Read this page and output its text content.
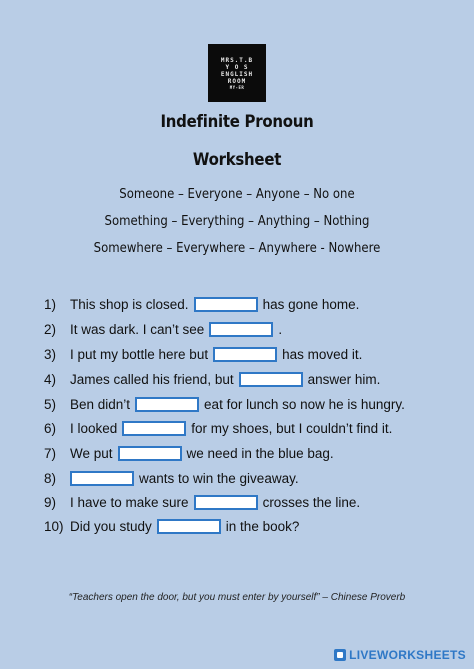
MRS.T.B
Y O S
ENGLISH
ROOM
MY-ER
Indefinite Pronoun
Worksheet
Someone – Everyone – Anyone – No one
Something – Everything – Anything – Nothing
Somewhere – Everywhere – Anywhere - Nowhere
1)	This shop is closed.	has gone home.
2)	It was dark. I can’t see	.
3)	I put my bottle here but	has moved it.
4)	James called his friend, but	answer him.
5)	Ben didn’t	eat for lunch so now he is hungry.
6)	I looked	for my shoes, but I couldn’t find it.
7)	We put	we need in the blue bag.
8)	wants to win the giveaway.
9)	I have to make sure	crosses the line.
10) Did you study	in the book?
“Teachers open the door, but you must enter by yourself” – Chinese Proverb
LIVEWORKSHEETS
